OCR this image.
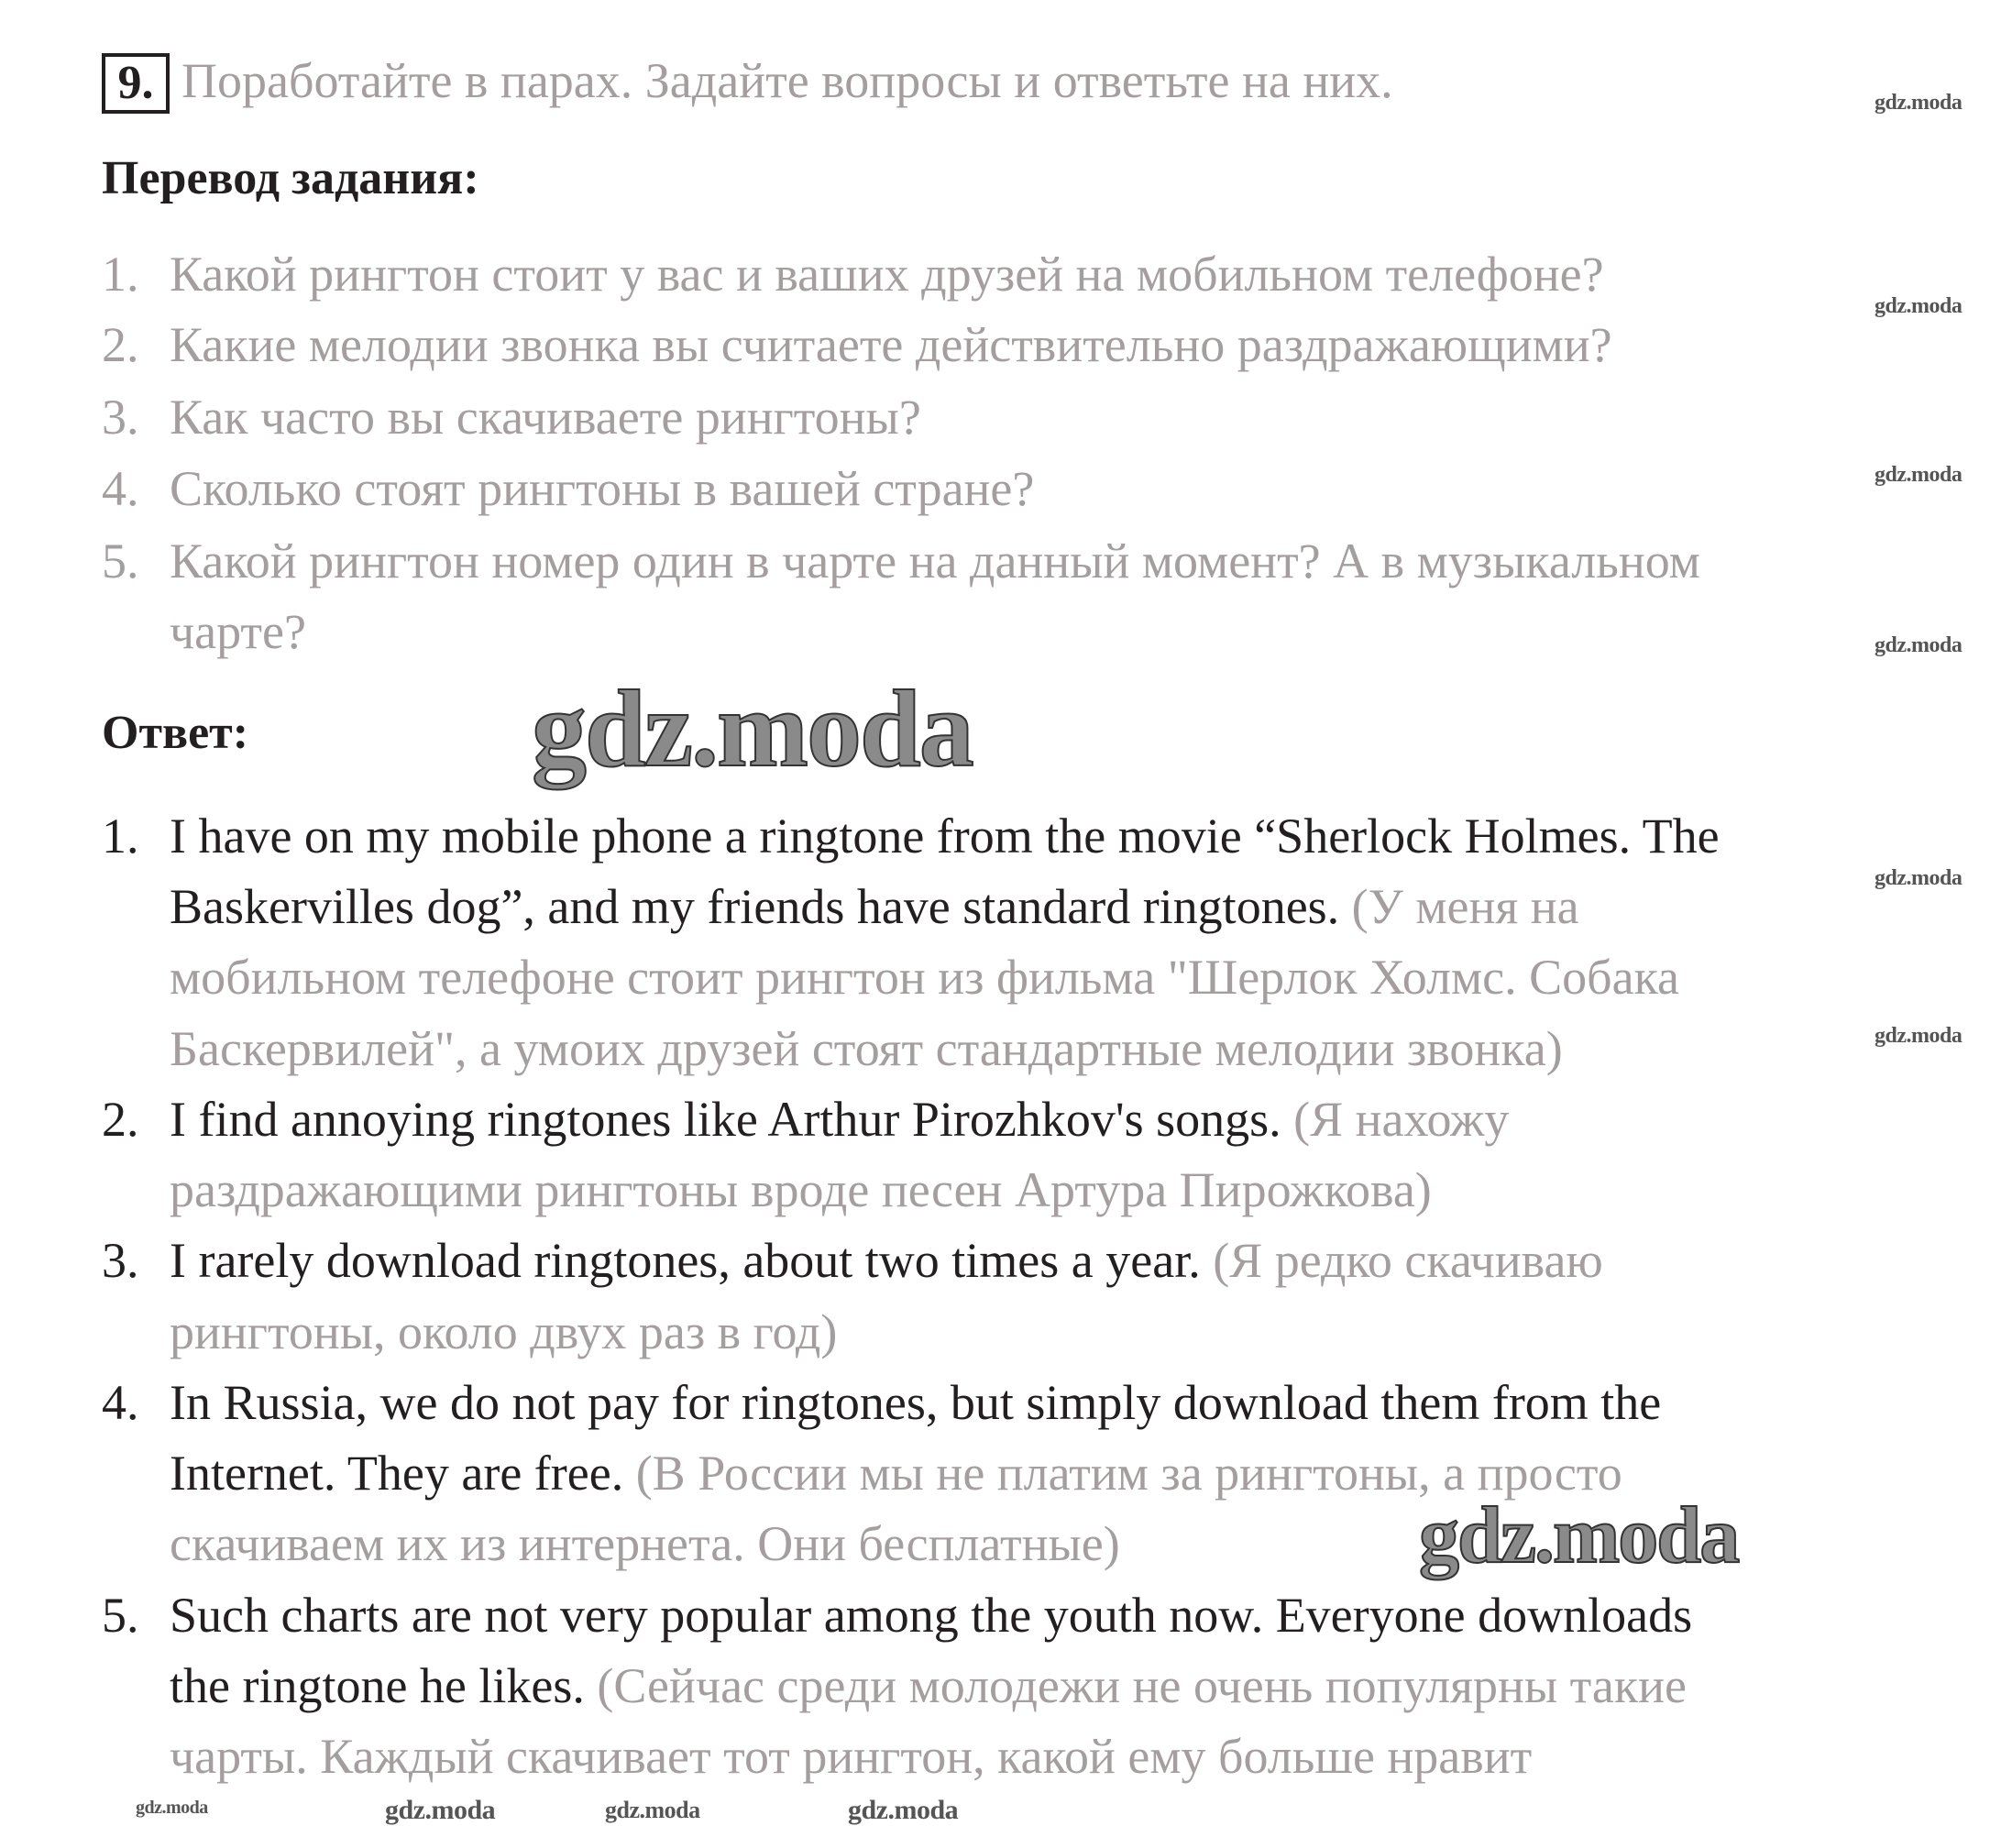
9. Поработайте в парах. Задайте вопросы и ответьте на них.
Перевод задания:
1. Какой рингтон стоит у вас и ваших друзей на мобильном телефоне?
2. Какие мелодии звонка вы считаете действительно раздражающими?
3. Как часто вы скачиваете рингтоны?
4. Сколько стоят рингтоны в вашей стране?
5. Какой рингтон номер один в чарте на данный момент? А в музыкальном
чарте?
Ответ:
1. I have on my mobile phone a ringtone from the movie “Sherlock Holmes. The
Baskervilles dog”, and my friends have standard ringtones. (У меня на
мобильном телефоне стоит рингтон из фильма "Шерлок Холмс. Собака
Баскервилей", а умоих друзей стоят стандартные мелодии звонка)
2. I find annoying ringtones like Arthur Pirozhkov's songs. (Я нахожу
раздражающими рингтоны вроде песен Артура Пирожкова)
3. I rarely download ringtones, about two times a year. (Я редко скачиваю
рингтоны, около двух раз в год)
4. In Russia, we do not pay for ringtones, but simply download them from the
Internet. They are free. (В России мы не платим за рингтоны, а просто
скачиваем их из интернета. Они бесплатные)
5. Such charts are not very popular among the youth now. Everyone downloads
the ringtone he likes. (Сейчас среди молодежи не очень популярны такие
чарты. Каждый скачивает тот рингтон, какой ему больше нравит
gdz.moda
gdz.moda
gdz.moda
gdz.moda
gdz.moda
gdz.moda
gdz.moda	gdz.moda	gdz.moda
gdz.moda
gdz.moda
gdz.moda
